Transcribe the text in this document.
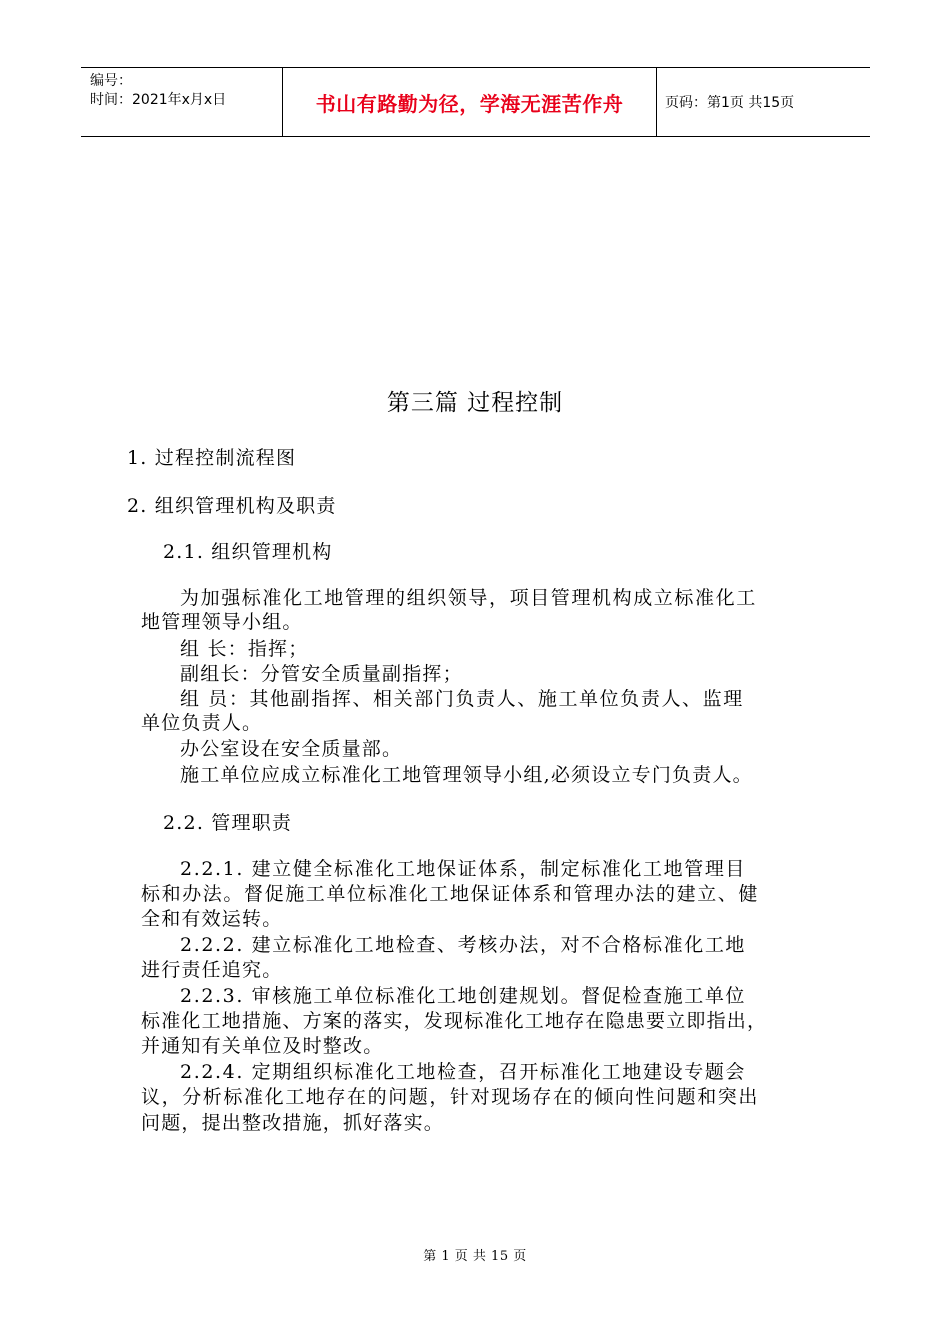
编号：
时间：2021年x月x日	书山有路勤为径，学海无涯苦作舟	页码：第1页 共15页
第三篇 过程控制
1. 过程控制流程图
2. 组织管理机构及职责
2.1. 组织管理机构
为加强标准化工地管理的组织领导，项目管理机构成立标准化工
地管理领导小组。
组 长：指挥；
副组长：分管安全质量副指挥；
组 员：其他副指挥、相关部门负责人、施工单位负责人、监理
单位负责人。
办公室设在安全质量部。
施工单位应成立标准化工地管理领导小组,必须设立专门负责人。
2.2. 管理职责
2.2.1. 建立健全标准化工地保证体系，制定标准化工地管理目
标和办法。督促施工单位标准化工地保证体系和管理办法的建立、健
全和有效运转。
2.2.2. 建立标准化工地检查、考核办法，对不合格标准化工地
进行责任追究。
2.2.3. 审核施工单位标准化工地创建规划。督促检查施工单位
标准化工地措施、方案的落实，发现标准化工地存在隐患要立即指出，
并通知有关单位及时整改。
2.2.4. 定期组织标准化工地检查，召开标准化工地建设专题会
议，分析标准化工地存在的问题，针对现场存在的倾向性问题和突出
问题，提出整改措施，抓好落实。
第 1 页 共 15 页
